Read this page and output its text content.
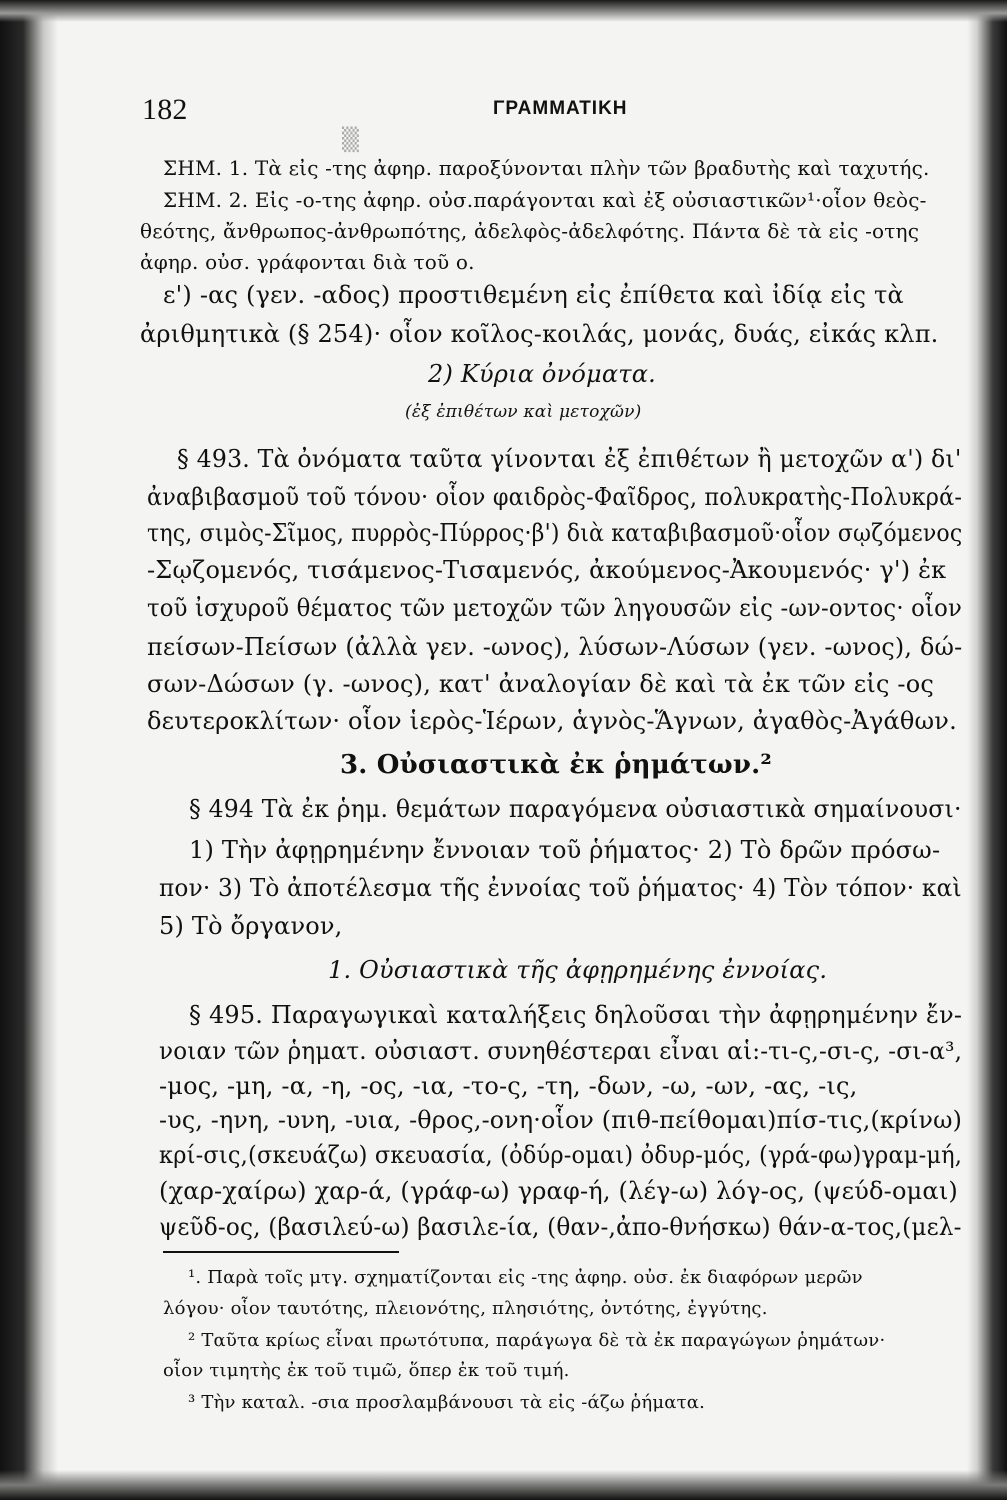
▒
182	ΓΡΑΜΜΑΤΙΚΗ
ΣΗΜ. 1. Τὰ εἰς -της ἀφηρ. παροξύνονται πλὴν τῶν βραδυτὴς καὶ ταχυτής.
ΣΗΜ. 2. Εἰς -ο-της ἀφηρ. οὐσ.παράγονται καὶ ἐξ οὐσιαστικῶν¹·οἷον θεὸς-
θεότης, ἄνθρωπος-ἀνθρωπότης, ἀδελφὸς-ἀδελφότης. Πάντα δὲ τὰ εἰς -οτης
ἀφηρ. οὐσ. γράφονται διὰ τοῦ ο.
ε') -ας (γεν. -αδος) προστιθεμένη εἰς ἐπίθετα καὶ ἰδίᾳ εἰς τὰ
ἀριθμητικὰ (§ 254)· οἷον κοῖλος-κοιλάς, μονάς, δυάς, εἰκάς κλπ.
2) Κύρια ὀνόματα.
(ἐξ ἐπιθέτων καὶ μετοχῶν)
§ 493. Τὰ ὀνόματα ταῦτα γίνονται ἐξ ἐπιθέτων ἢ μετοχῶν α') δι'
ἀναβιβασμοῦ τοῦ τόνου· οἷον φαιδρὸς-Φαῖδρος, πολυκρατὴς-Πολυκρά-
της, σιμὸς-Σῖμος, πυρρὸς-Πύρρος·β') διὰ καταβιβασμοῦ·οἷον σῳζόμενος
-Σῳζομενός, τισάμενος-Τισαμενός, ἀκούμενος-Ἀκουμενός· γ') ἐκ
τοῦ ἰσχυροῦ θέματος τῶν μετοχῶν τῶν ληγουσῶν εἰς -ων-οντος· οἷον
πείσων-Πείσων (ἀλλὰ γεν. -ωνος), λύσων-Λύσων (γεν. -ωνος), δώ-
σων-Δώσων (γ. -ωνος), κατ' ἀναλογίαν δὲ καὶ τὰ ἐκ τῶν εἰς -ος
δευτεροκλίτων· οἷον ἱερὸς-Ἱέρων, ἁγνὸς-Ἅγνων, ἀγαθὸς-Ἀγάθων.
3. Οὐσιαστικὰ ἐκ ῥημάτων.²
§ 494 Τὰ ἐκ ῥημ. θεμάτων παραγόμενα οὐσιαστικὰ σημαίνουσι·
1) Τὴν ἀφῃρημένην ἔννοιαν τοῦ ῥήματος· 2) Τὸ δρῶν πρόσω-
πον· 3) Τὸ ἀποτέλεσμα τῆς ἐννοίας τοῦ ῥήματος· 4) Τὸν τόπον· καὶ
5) Τὸ ὄργανον,
1. Οὐσιαστικὰ τῆς ἀφῃρημένης ἐννοίας.
§ 495. Παραγωγικαὶ καταλήξεις δηλοῦσαι τὴν ἀφῃρημένην ἔν-
νοιαν τῶν ῥηματ. οὐσιαστ. συνηθέστεραι εἶναι αἱ:-τι-ς,-σι-ς, -σι-α³,
-μος, -μη, -α, -η, -ος, -ια, -το-ς, -τη, -δων, -ω, -ων, -ας, -ις,
-υς, -ηνη, -υνη, -υια, -θρος,-ονη·οἷον (πιθ-πείθομαι)πίσ-τις,(κρίνω)
κρί-σις,(σκευάζω) σκευασία, (ὀδύρ-ομαι) ὀδυρ-μός, (γρά-φω)γραμ-μή,
(χαρ-χαίρω) χαρ-ά, (γράφ-ω) γραφ-ή, (λέγ-ω) λόγ-ος, (ψεύδ-ομαι)
ψεῦδ-ος, (βασιλεύ-ω) βασιλε-ία, (θαν-,ἀπο-θνήσκω) θάν-α-τος,(μελ-
¹. Παρὰ τοῖς μτγ. σχηματίζονται εἰς -της ἀφηρ. οὐσ. ἐκ διαφόρων μερῶν
λόγου· οἷον ταυτότης, πλειονότης, πλησιότης, ὀντότης, ἐγγύτης.
² Ταῦτα κρίως εἶναι πρωτότυπα, παράγωγα δὲ τὰ ἐκ παραγώγων ῥημάτων·
οἷον τιμητὴς ἐκ τοῦ τιμῶ, ὅπερ ἐκ τοῦ τιμή.
³ Τὴν καταλ. -σια προσλαμβάνουσι τὰ εἰς -άζω ῥήματα.
